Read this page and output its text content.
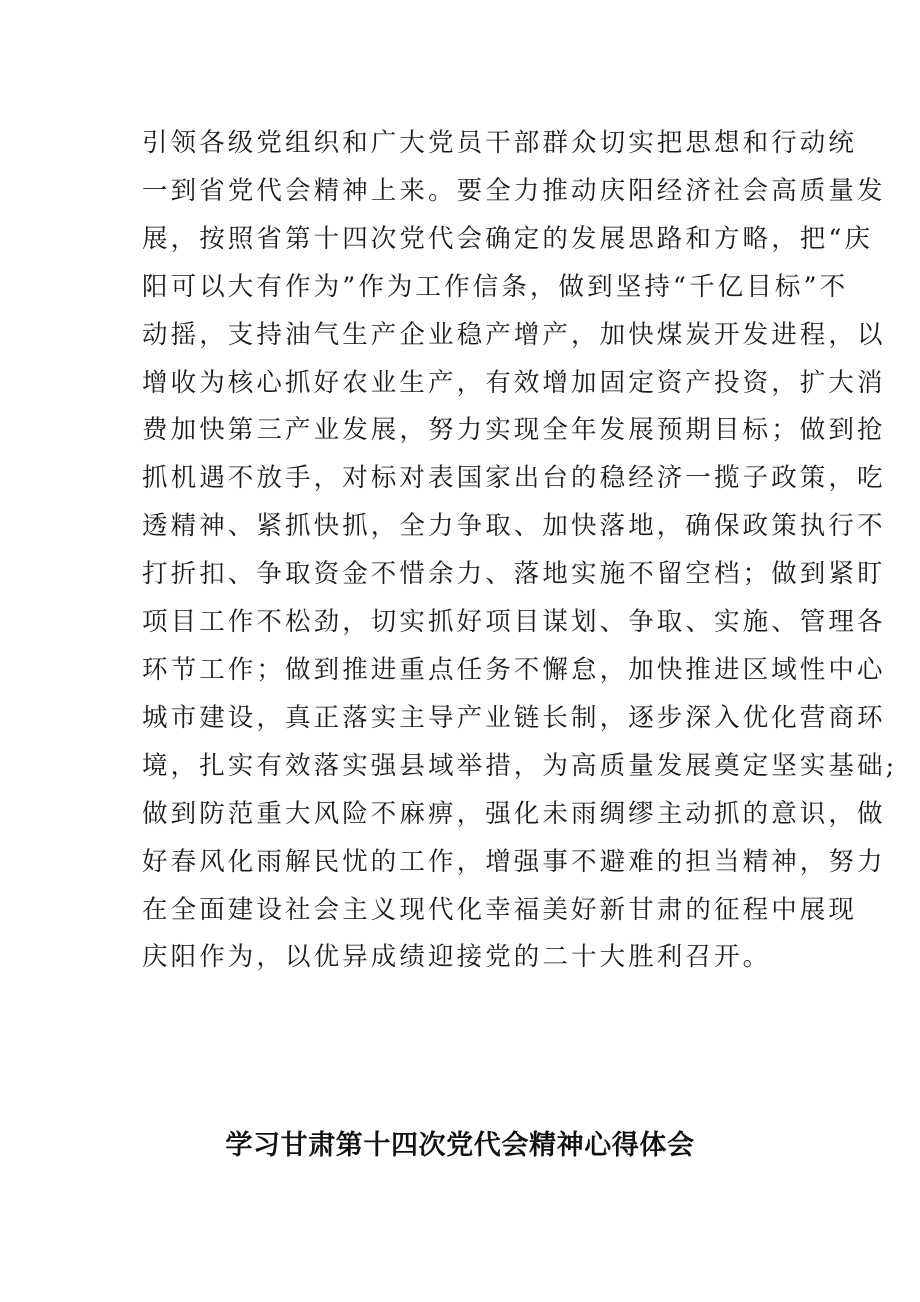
引领各级党组织和广大党员干部群众切实把思想和行动统
一到省党代会精神上来。要全力推动庆阳经济社会高质量发
展，按照省第十四次党代会确定的发展思路和方略，把“庆
阳可以大有作为”作为工作信条，做到坚持“千亿目标”不
动摇，支持油气生产企业稳产增产，加快煤炭开发进程，以
增收为核心抓好农业生产，有效增加固定资产投资，扩大消
费加快第三产业发展，努力实现全年发展预期目标；做到抢
抓机遇不放手，对标对表国家出台的稳经济一揽子政策，吃
透精神、紧抓快抓，全力争取、加快落地，确保政策执行不
打折扣、争取资金不惜余力、落地实施不留空档；做到紧盯
项目工作不松劲，切实抓好项目谋划、争取、实施、管理各
环节工作；做到推进重点任务不懈怠，加快推进区域性中心
城市建设，真正落实主导产业链长制，逐步深入优化营商环
境，扎实有效落实强县域举措，为高质量发展奠定坚实基础;
做到防范重大风险不麻痹，强化未雨绸缪主动抓的意识，做
好春风化雨解民忧的工作，增强事不避难的担当精神，努力
在全面建设社会主义现代化幸福美好新甘肃的征程中展现
庆阳作为，以优异成绩迎接党的二十大胜利召开。
学习甘肃第十四次党代会精神心得体会
